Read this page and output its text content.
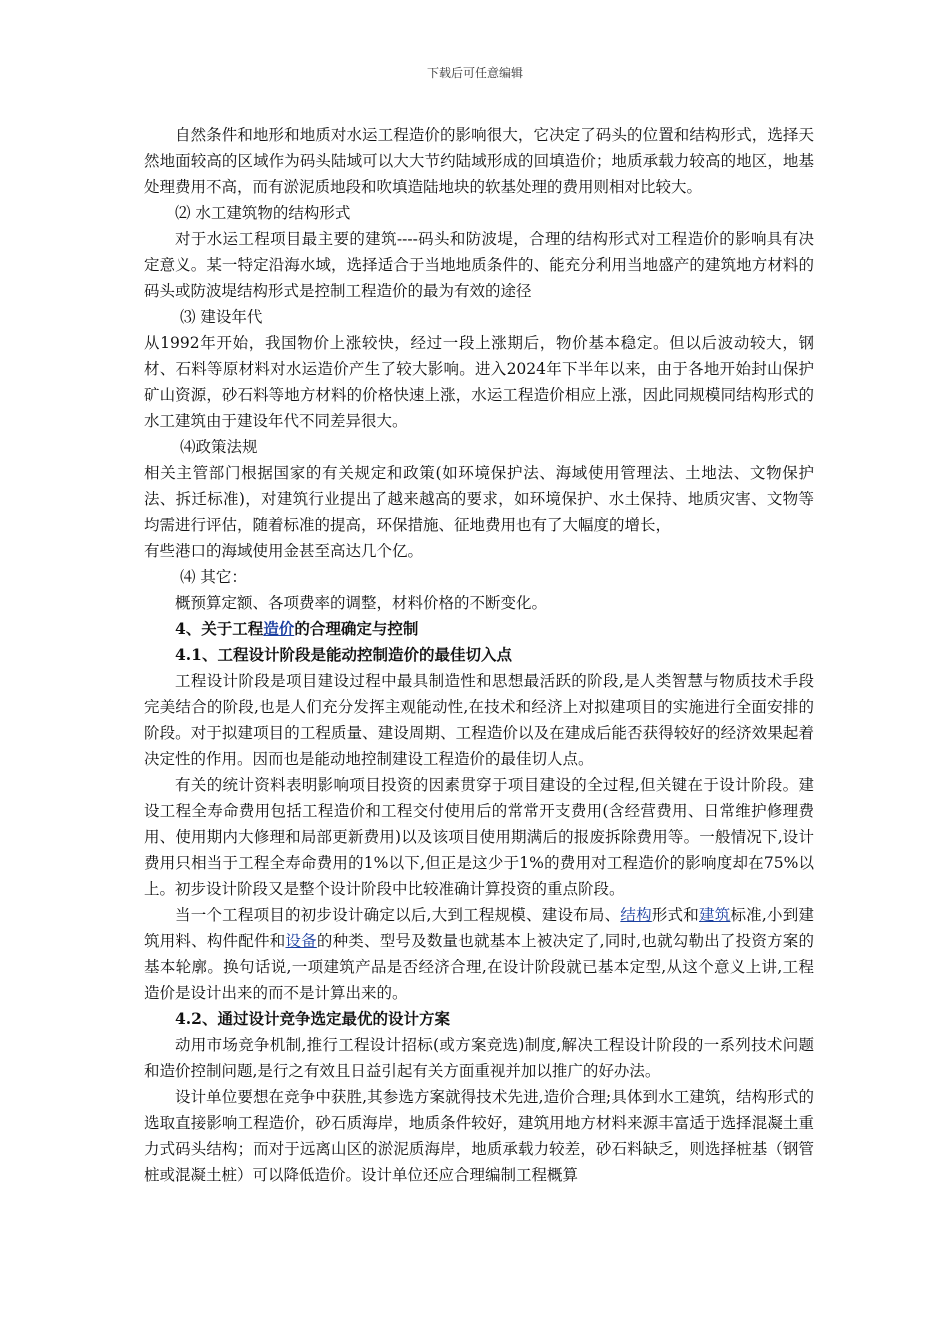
下载后可任意编辑

自然条件和地形和地质对水运工程造价的影响很大，它决定了码头的位置和结构形式，选择天然地面较高的区域作为码头陆域可以大大节约陆域形成的回填造价；地质承载力较高的地区，地基处理费用不高，而有淤泥质地段和吹填造陆地块的软基处理的费用则相对比较大。

⑵ 水工建筑物的结构形式

对于水运工程项目最主要的建筑----码头和防波堤，合理的结构形式对工程造价的影响具有决定意义。某一特定沿海水域，选择适合于当地地质条件的、能充分利用当地盛产的建筑地方材料的码头或防波堤结构形式是控制工程造价的最为有效的途径

⑶ 建设年代

从1992年开始，我国物价上涨较快，经过一段上涨期后，物价基本稳定。但以后波动较大，钢材、石料等原材料对水运造价产生了较大影响。进入2024年下半年以来，由于各地开始封山保护矿山资源，砂石料等地方材料的价格快速上涨，水运工程造价相应上涨，因此同规模同结构形式的水工建筑由于建设年代不同差异很大。

⑷政策法规

相关主管部门根据国家的有关规定和政策(如环境保护法、海域使用管理法、土地法、文物保护法、拆迁标准)，对建筑行业提出了越来越高的要求，如环境保护、水土保持、地质灾害、文物等均需进行评估，随着标准的提高，环保措施、征地费用也有了大幅度的增长，

有些港口的海域使用金甚至高达几个亿。

⑷ 其它：

概预算定额、各项费率的调整，材料价格的不断变化。

4、关于工程造价的合理确定与控制

4.1、工程设计阶段是能动控制造价的最佳切入点

工程设计阶段是项目建设过程中最具制造性和思想最活跃的阶段,是人类智慧与物质技术手段完美结合的阶段,也是人们充分发挥主观能动性,在技术和经济上对拟建项目的实施进行全面安排的阶段。对于拟建项目的工程质量、建设周期、工程造价以及在建成后能否获得较好的经济效果起着决定性的作用。因而也是能动地控制建设工程造价的最佳切人点。

有关的统计资料表明影响项目投资的因素贯穿于项目建设的全过程,但关键在于设计阶段。建设工程全寿命费用包括工程造价和工程交付使用后的常常开支费用(含经营费用、日常维护修理费用、使用期内大修理和局部更新费用)以及该项目使用期满后的报废拆除费用等。一般情况下,设计费用只相当于工程全寿命费用的1%以下,但正是这少于1%的费用对工程造价的影响度却在75%以上。初步设计阶段又是整个设计阶段中比较准确计算投资的重点阶段。

当一个工程项目的初步设计确定以后,大到工程规模、建设布局、结构形式和建筑标准,小到建筑用料、构件配件和设备的种类、型号及数量也就基本上被决定了,同时,也就勾勒出了投资方案的基本轮廓。换句话说,一项建筑产品是否经济合理,在设计阶段就已基本定型,从这个意义上讲,工程造价是设计出来的而不是计算出来的。

4.2、通过设计竞争选定最优的设计方案

动用市场竞争机制,推行工程设计招标(或方案竞选)制度,解决工程设计阶段的一系列技术问题和造价控制问题,是行之有效且日益引起有关方面重视并加以推广的好办法。

设计单位要想在竞争中获胜,其参选方案就得技术先进,造价合理;具体到水工建筑，结构形式的选取直接影响工程造价，砂石质海岸，地质条件较好，建筑用地方材料来源丰富适于选择混凝土重力式码头结构；而对于远离山区的淤泥质海岸，地质承载力较差，砂石料缺乏，则选择桩基（钢管桩或混凝土桩）可以降低造价。设计单位还应合理编制工程概算
